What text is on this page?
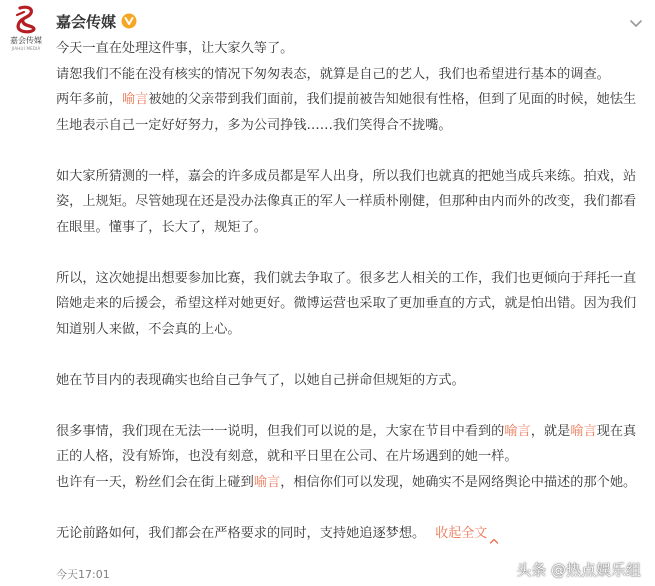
嘉会传媒
JIAHUI MEDIA
嘉会传媒

今天一直在处理这件事，让大家久等了。

请恕我们不能在没有核实的情况下匆匆表态，就算是自己的艺人，我们也希望进行基本的调查。

两年多前，喻言被她的父亲带到我们面前，我们提前被告知她很有性格，但到了见面的时候，她怯生生地表示自己一定好好努力，多为公司挣钱……我们笑得合不拢嘴。

如大家所猜测的一样，嘉会的许多成员都是军人出身，所以我们也就真的把她当成兵来练。拍戏，站姿，上规矩。尽管她现在还是没办法像真正的军人一样质朴刚健，但那种由内而外的改变，我们都看在眼里。懂事了，长大了，规矩了。

所以，这次她提出想要参加比赛，我们就去争取了。很多艺人相关的工作，我们也更倾向于拜托一直陪她走来的后援会，希望这样对她更好。微博运营也采取了更加垂直的方式，就是怕出错。因为我们知道别人来做，不会真的上心。

她在节目内的表现确实也给自己争气了，以她自己拼命但规矩的方式。

很多事情，我们现在无法一一说明，但我们可以说的是，大家在节目中看到的喻言，就是喻言现在真正的人格，没有矫饰，也没有刻意，就和平日里在公司、在片场遇到的她一样。

也许有一天，粉丝们会在街上碰到喻言，相信你们可以发现，她确实不是网络舆论中描述的那个她。

无论前路如何，我们都会在严格要求的同时，支持她追逐梦想。 收起全文

今天17:01	头条 @热点娱乐组
